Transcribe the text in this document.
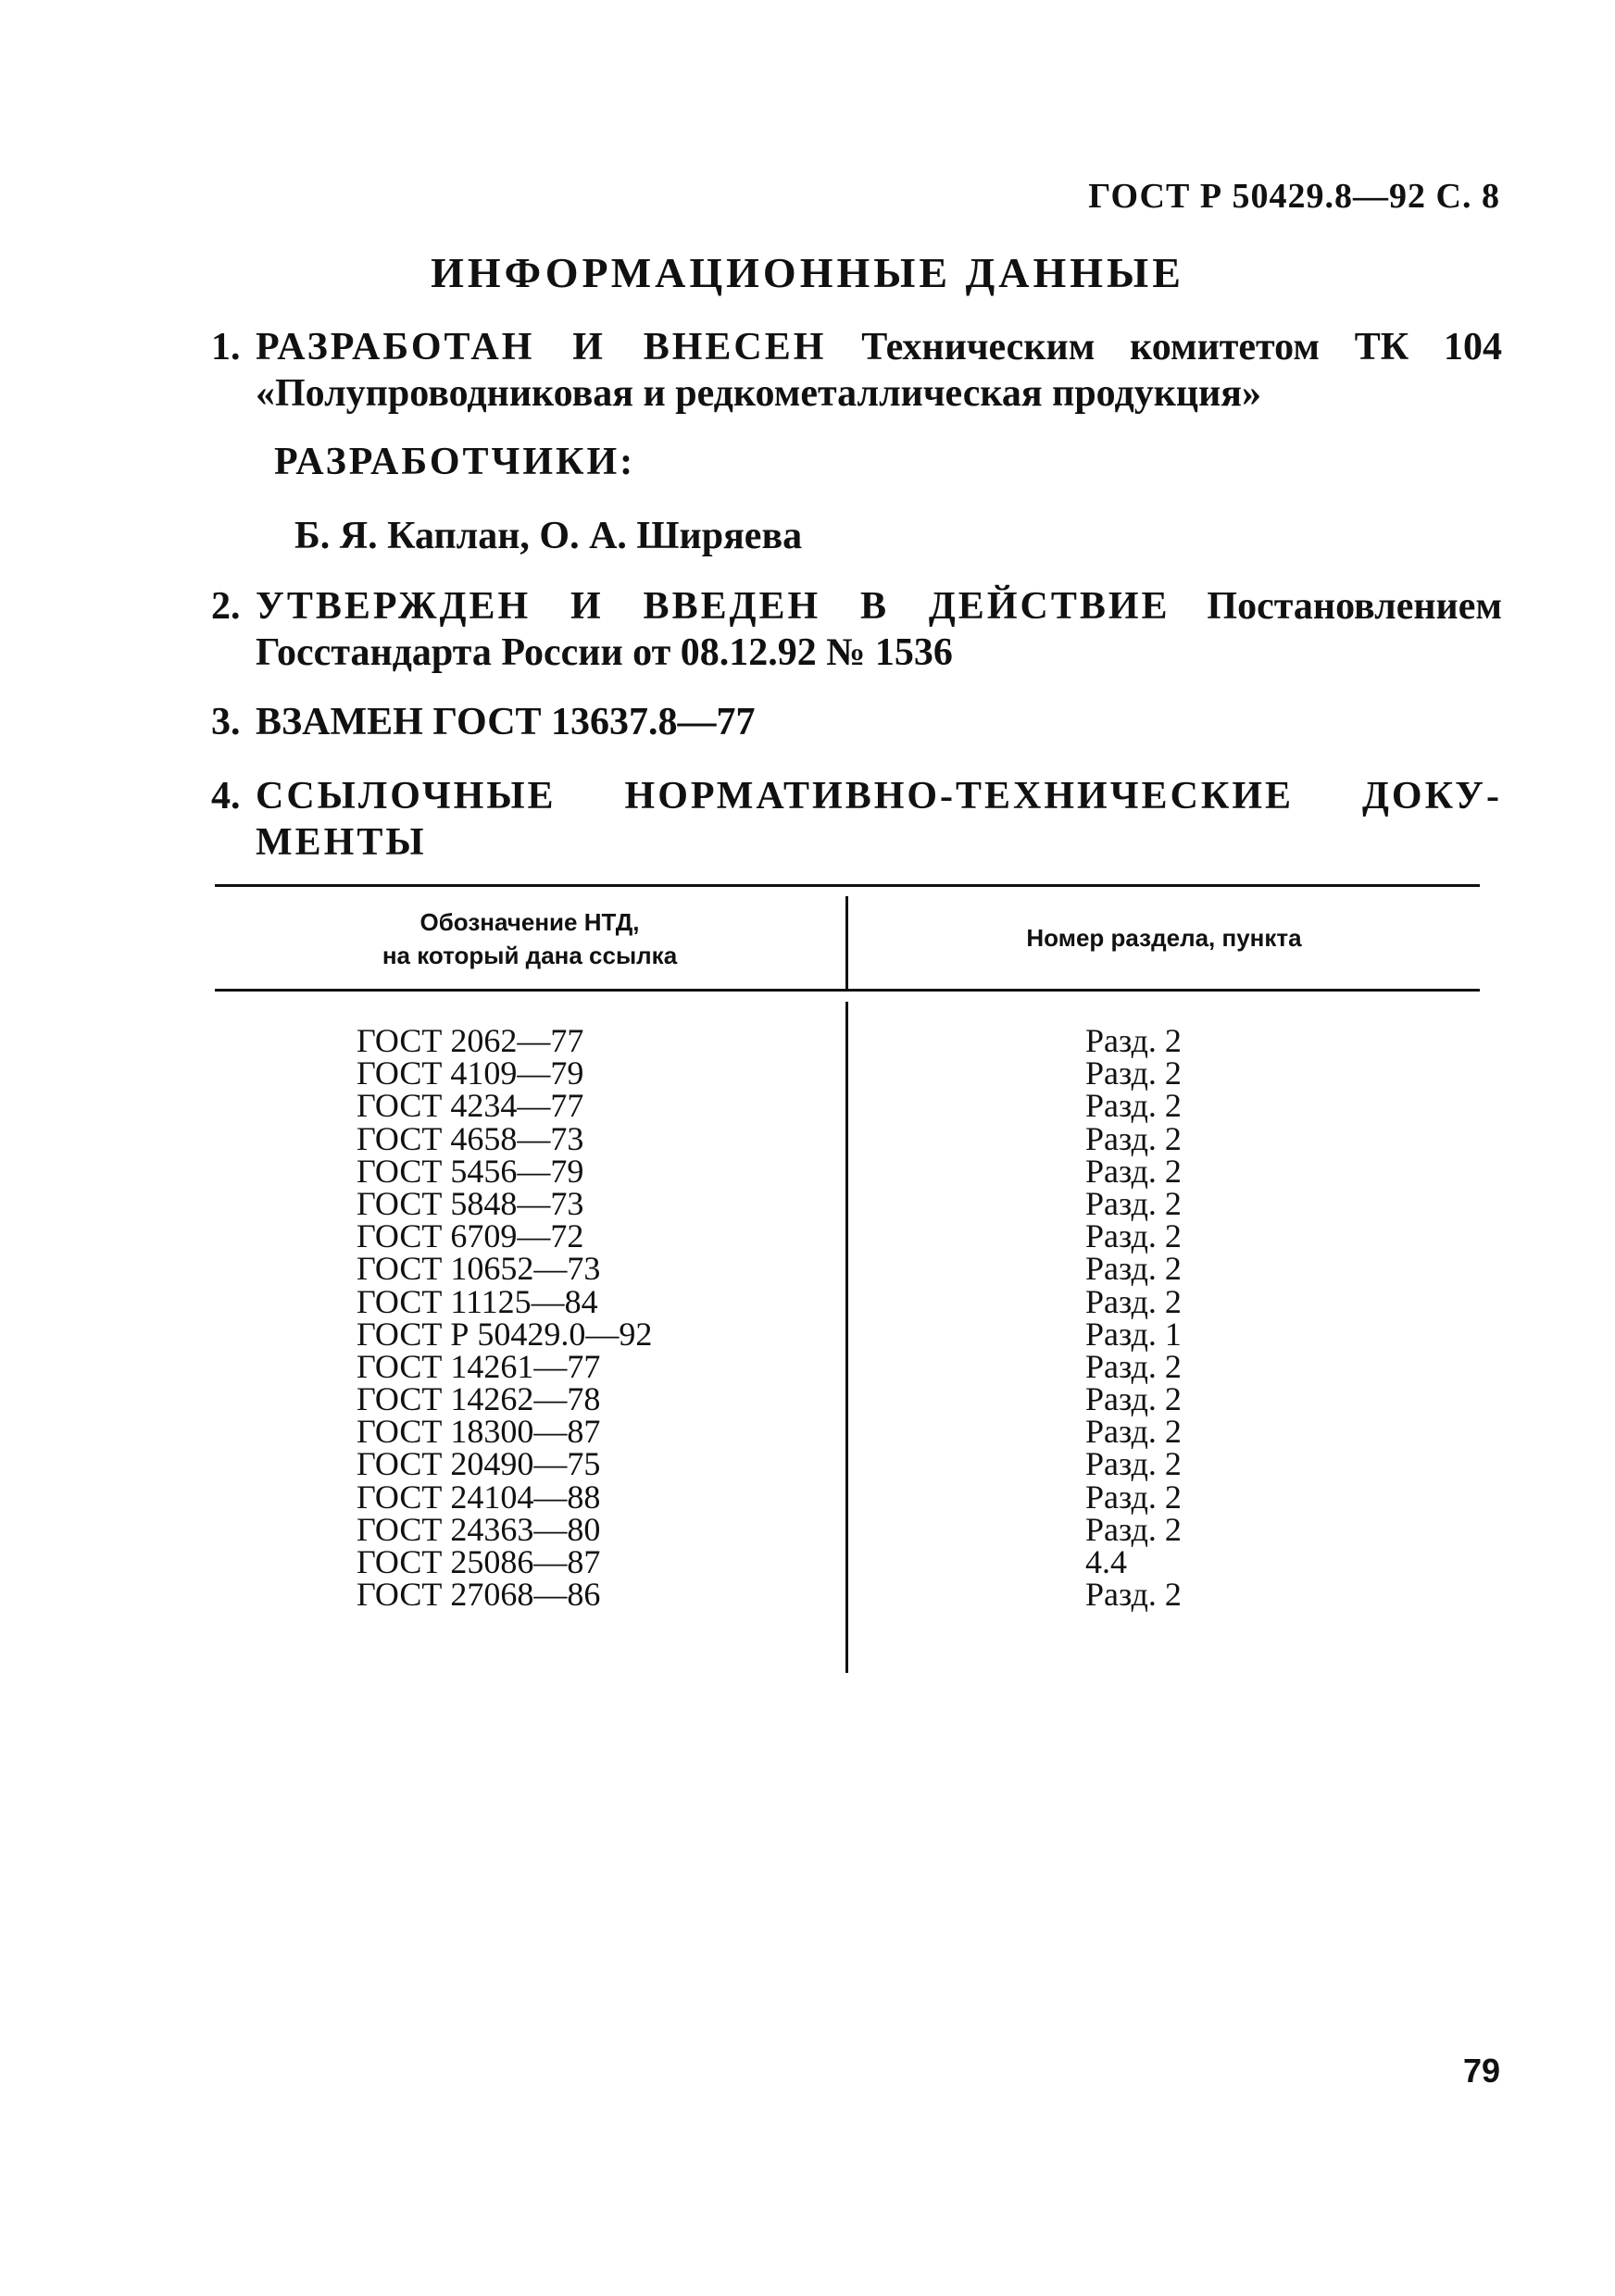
ГОСТ Р 50429.8—92 С. 8
ИНФОРМАЦИОННЫЕ ДАННЫЕ
1. РАЗРАБОТАН И ВНЕСЕН Техническим комитетом ТК 104 «Полупроводниковая и редкометаллическая продукция»
РАЗРАБОТЧИКИ:
Б. Я. Каплан, О. А. Ширяева
2. УТВЕРЖДЕН И ВВЕДЕН В ДЕЙСТВИЕ Постановлением Госстандарта России от 08.12.92 № 1536
3. ВЗАМЕН ГОСТ 13637.8—77
4. ССЫЛОЧНЫЕ НОРМАТИВНО-ТЕХНИЧЕСКИЕ ДОКУ-
МЕНТЫ
Обозначение НТД,
на который дана ссылка
Номер раздела, пункта
ГОСТ 2062—77
ГОСТ 4109—79
ГОСТ 4234—77
ГОСТ 4658—73
ГОСТ 5456—79
ГОСТ 5848—73
ГОСТ 6709—72
ГОСТ 10652—73
ГОСТ 11125—84
ГОСТ Р 50429.0—92
ГОСТ 14261—77
ГОСТ 14262—78
ГОСТ 18300—87
ГОСТ 20490—75
ГОСТ 24104—88
ГОСТ 24363—80
ГОСТ 25086—87
ГОСТ 27068—86
Разд. 2
Разд. 2
Разд. 2
Разд. 2
Разд. 2
Разд. 2
Разд. 2
Разд. 2
Разд. 2
Разд. 1
Разд. 2
Разд. 2
Разд. 2
Разд. 2
Разд. 2
Разд. 2
4.4
Разд. 2
79
